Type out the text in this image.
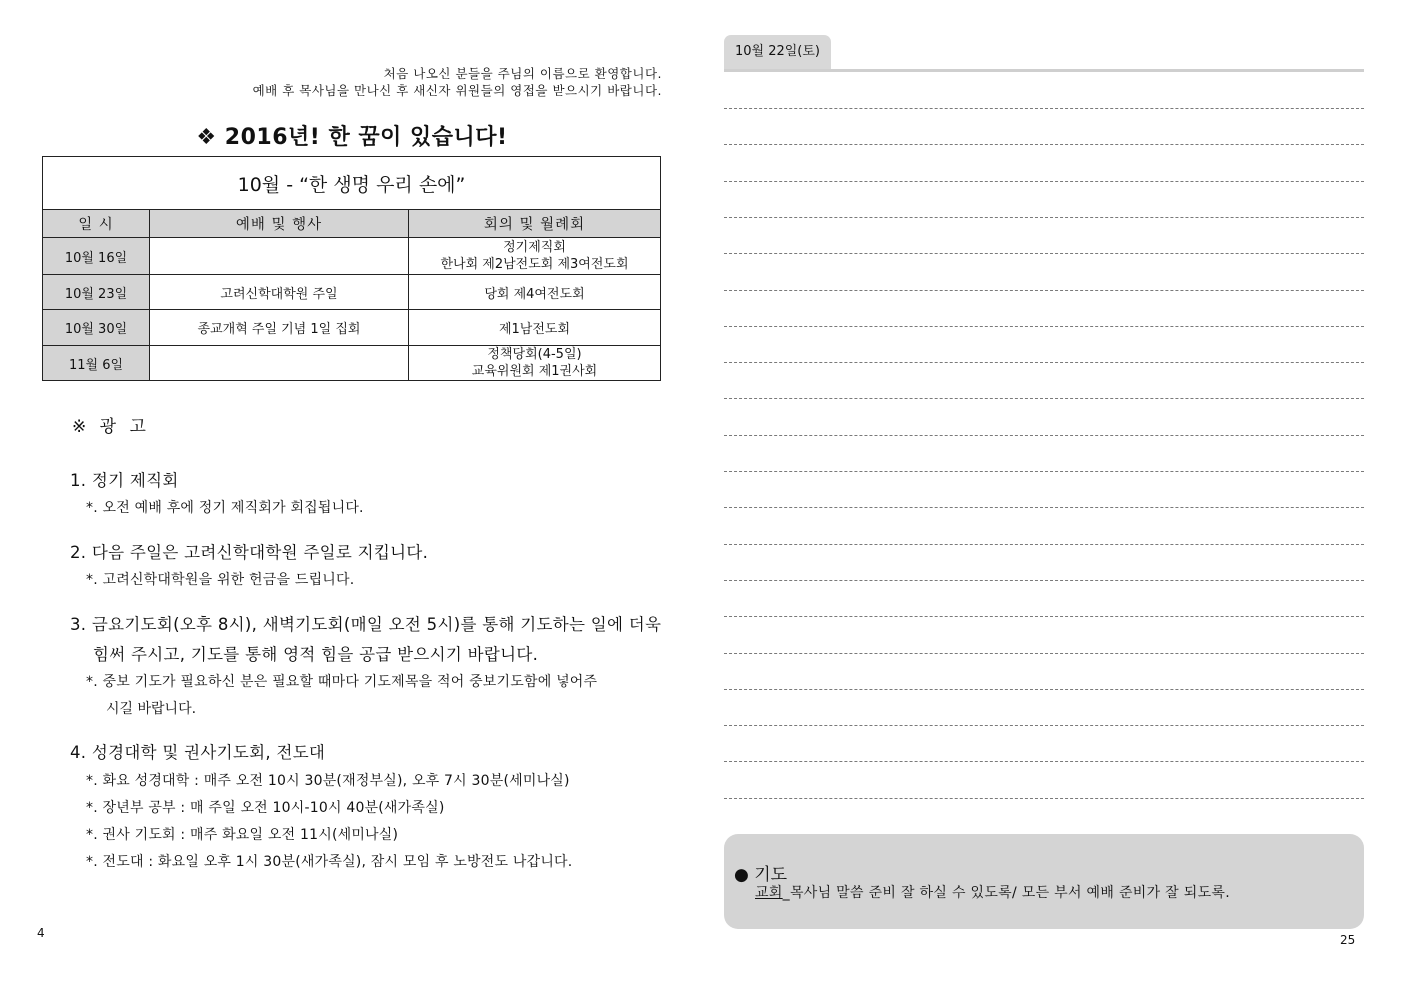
처음 나오신 분들을 주님의 이름으로 환영합니다.
예배 후 목사님을 만나신 후 새신자 위원들의 영접을 받으시기 바랍니다.
❖ 2016년! 한 꿈이 있습니다!
10월 - “한 생명 우리 손에”		
일 시	예배 및 행사	회의 및 월례회
10월 16일		정기제직회
한나회 제2남전도회 제3여전도회

10월 23일	고려신학대학원 주일	당회 제4여전도회
10월 30일	종교개혁 주일 기념 1일 집회	제1남전도회
11월 6일		정책당회(4-5일)
교육위원회 제1권사회
※ 광 고
1. 정기 제직회
*. 오전 예배 후에 정기 제직회가 회집됩니다.
2. 다음 주일은 고려신학대학원 주일로 지킵니다.
*. 고려신학대학원을 위한 헌금을 드립니다.
3. 금요기도회(오후 8시), 새벽기도회(매일 오전 5시)를 통해 기도하는 일에 더욱
힘써 주시고, 기도를 통해 영적 힘을 공급 받으시기 바랍니다.
*. 중보 기도가 필요하신 분은 필요할 때마다 기도제목을 적어 중보기도함에 넣어주
시길 바랍니다.
4. 성경대학 및 권사기도회, 전도대
*. 화요 성경대학 : 매주 오전 10시 30분(재정부실), 오후 7시 30분(세미나실)
*. 장년부 공부 : 매 주일 오전 10시-10시 40분(새가족실)
*. 권사 기도회 : 매주 화요일 오전 11시(세미나실)
*. 전도대 : 화요일 오후 1시 30분(새가족실), 잠시 모임 후 노방전도 나갑니다.
4
10월 22일(토)
● 기도
교회_목사님 말씀 준비 잘 하실 수 있도록/ 모든 부서 예배 준비가 잘 되도록.
25
